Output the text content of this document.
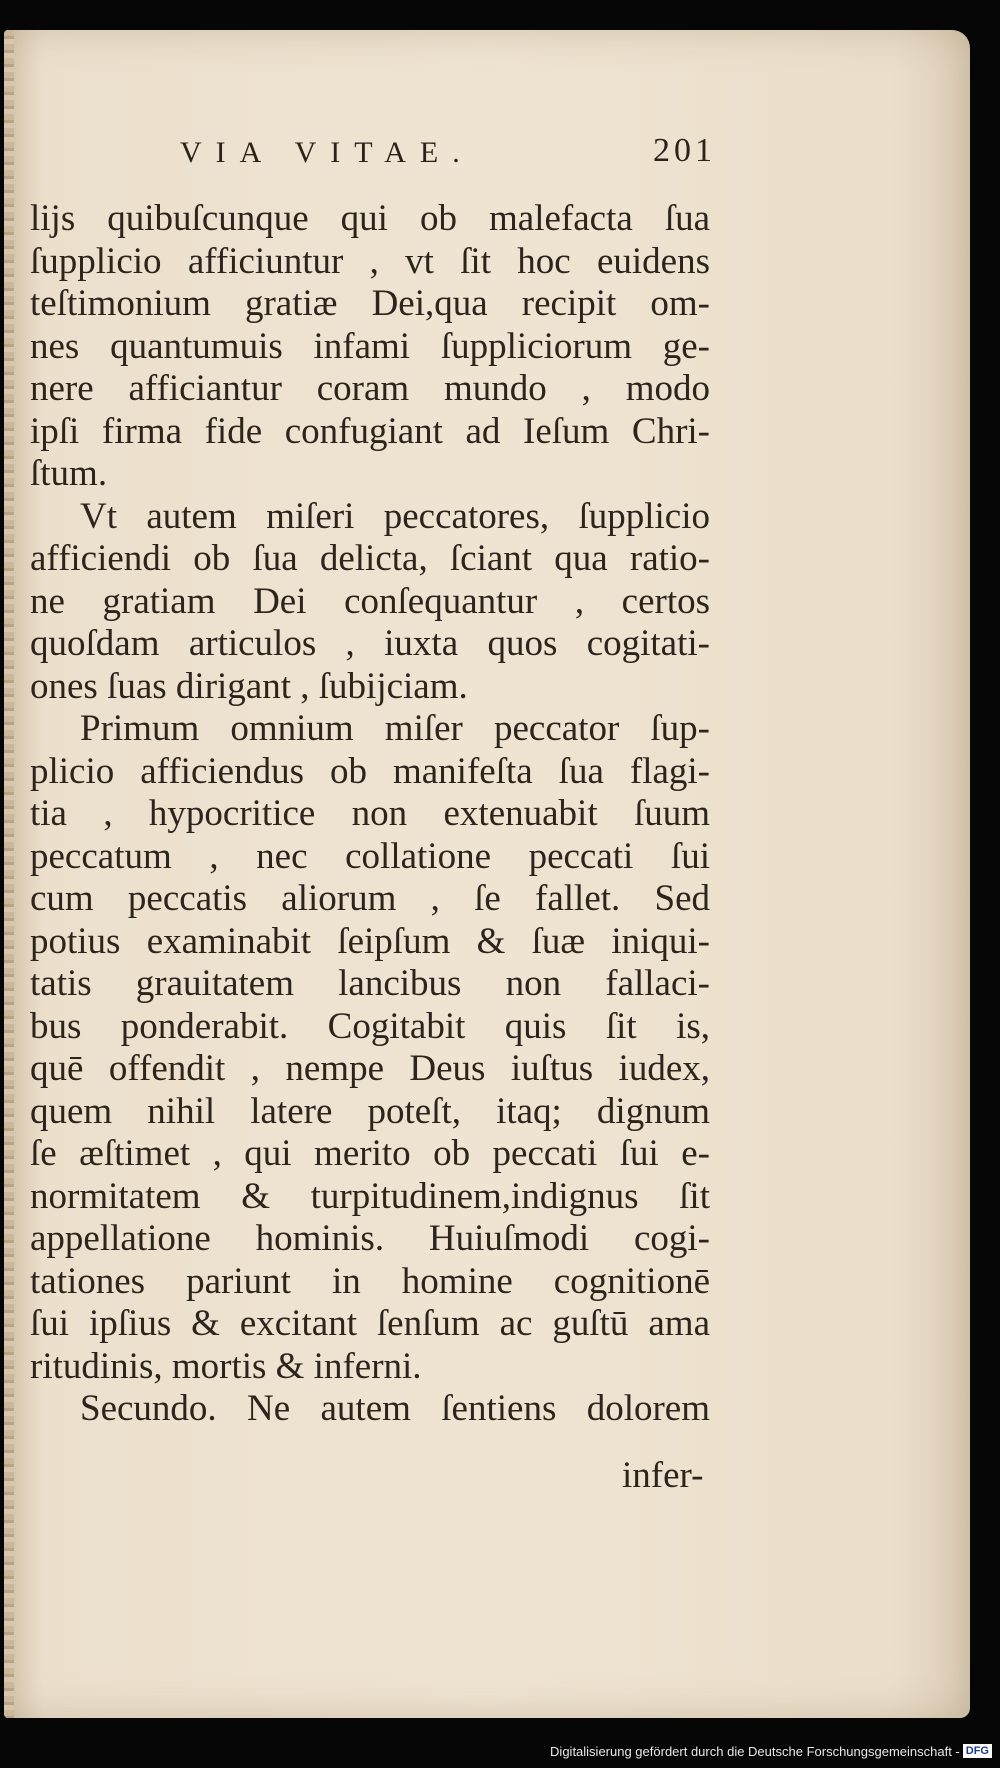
VIA VITAE.	201
lijs quibuſcunque qui ob malefacta ſua
ſupplicio afficiuntur , vt ſit hoc euidens
teſtimonium gratiæ Dei,qua recipit om-
nes quantumuis infami ſuppliciorum ge-
nere afficiantur coram mundo , modo
ipſi firma fide confugiant ad Ieſum Chri-
ſtum.
Vt autem miſeri peccatores, ſupplicio
afficiendi ob ſua delicta, ſciant qua ratio-
ne gratiam Dei conſequantur , certos
quoſdam articulos , iuxta quos cogitati-
ones ſuas dirigant , ſubijciam.
Primum omnium miſer peccator ſup-
plicio afficiendus ob manifeſta ſua flagi-
tia , hypocritice non extenuabit ſuum
peccatum , nec collatione peccati ſui
cum peccatis aliorum , ſe fallet. Sed
potius examinabit ſeipſum & ſuæ iniqui-
tatis grauitatem lancibus non fallaci-
bus ponderabit. Cogitabit quis ſit is,
quē offendit , nempe Deus iuſtus iudex,
quem nihil latere poteſt, itaq; dignum
ſe æſtimet , qui merito ob peccati ſui e-
normitatem & turpitudinem,indignus ſit
appellatione hominis. Huiuſmodi cogi-
tationes pariunt in homine cognitionē
ſui ipſius & excitant ſenſum ac guſtū ama
ritudinis, mortis & inferni.
Secundo. Ne autem ſentiens dolorem
infer-
Digitalisierung gefördert durch die Deutsche Forschungsgemeinschaft - DFG
